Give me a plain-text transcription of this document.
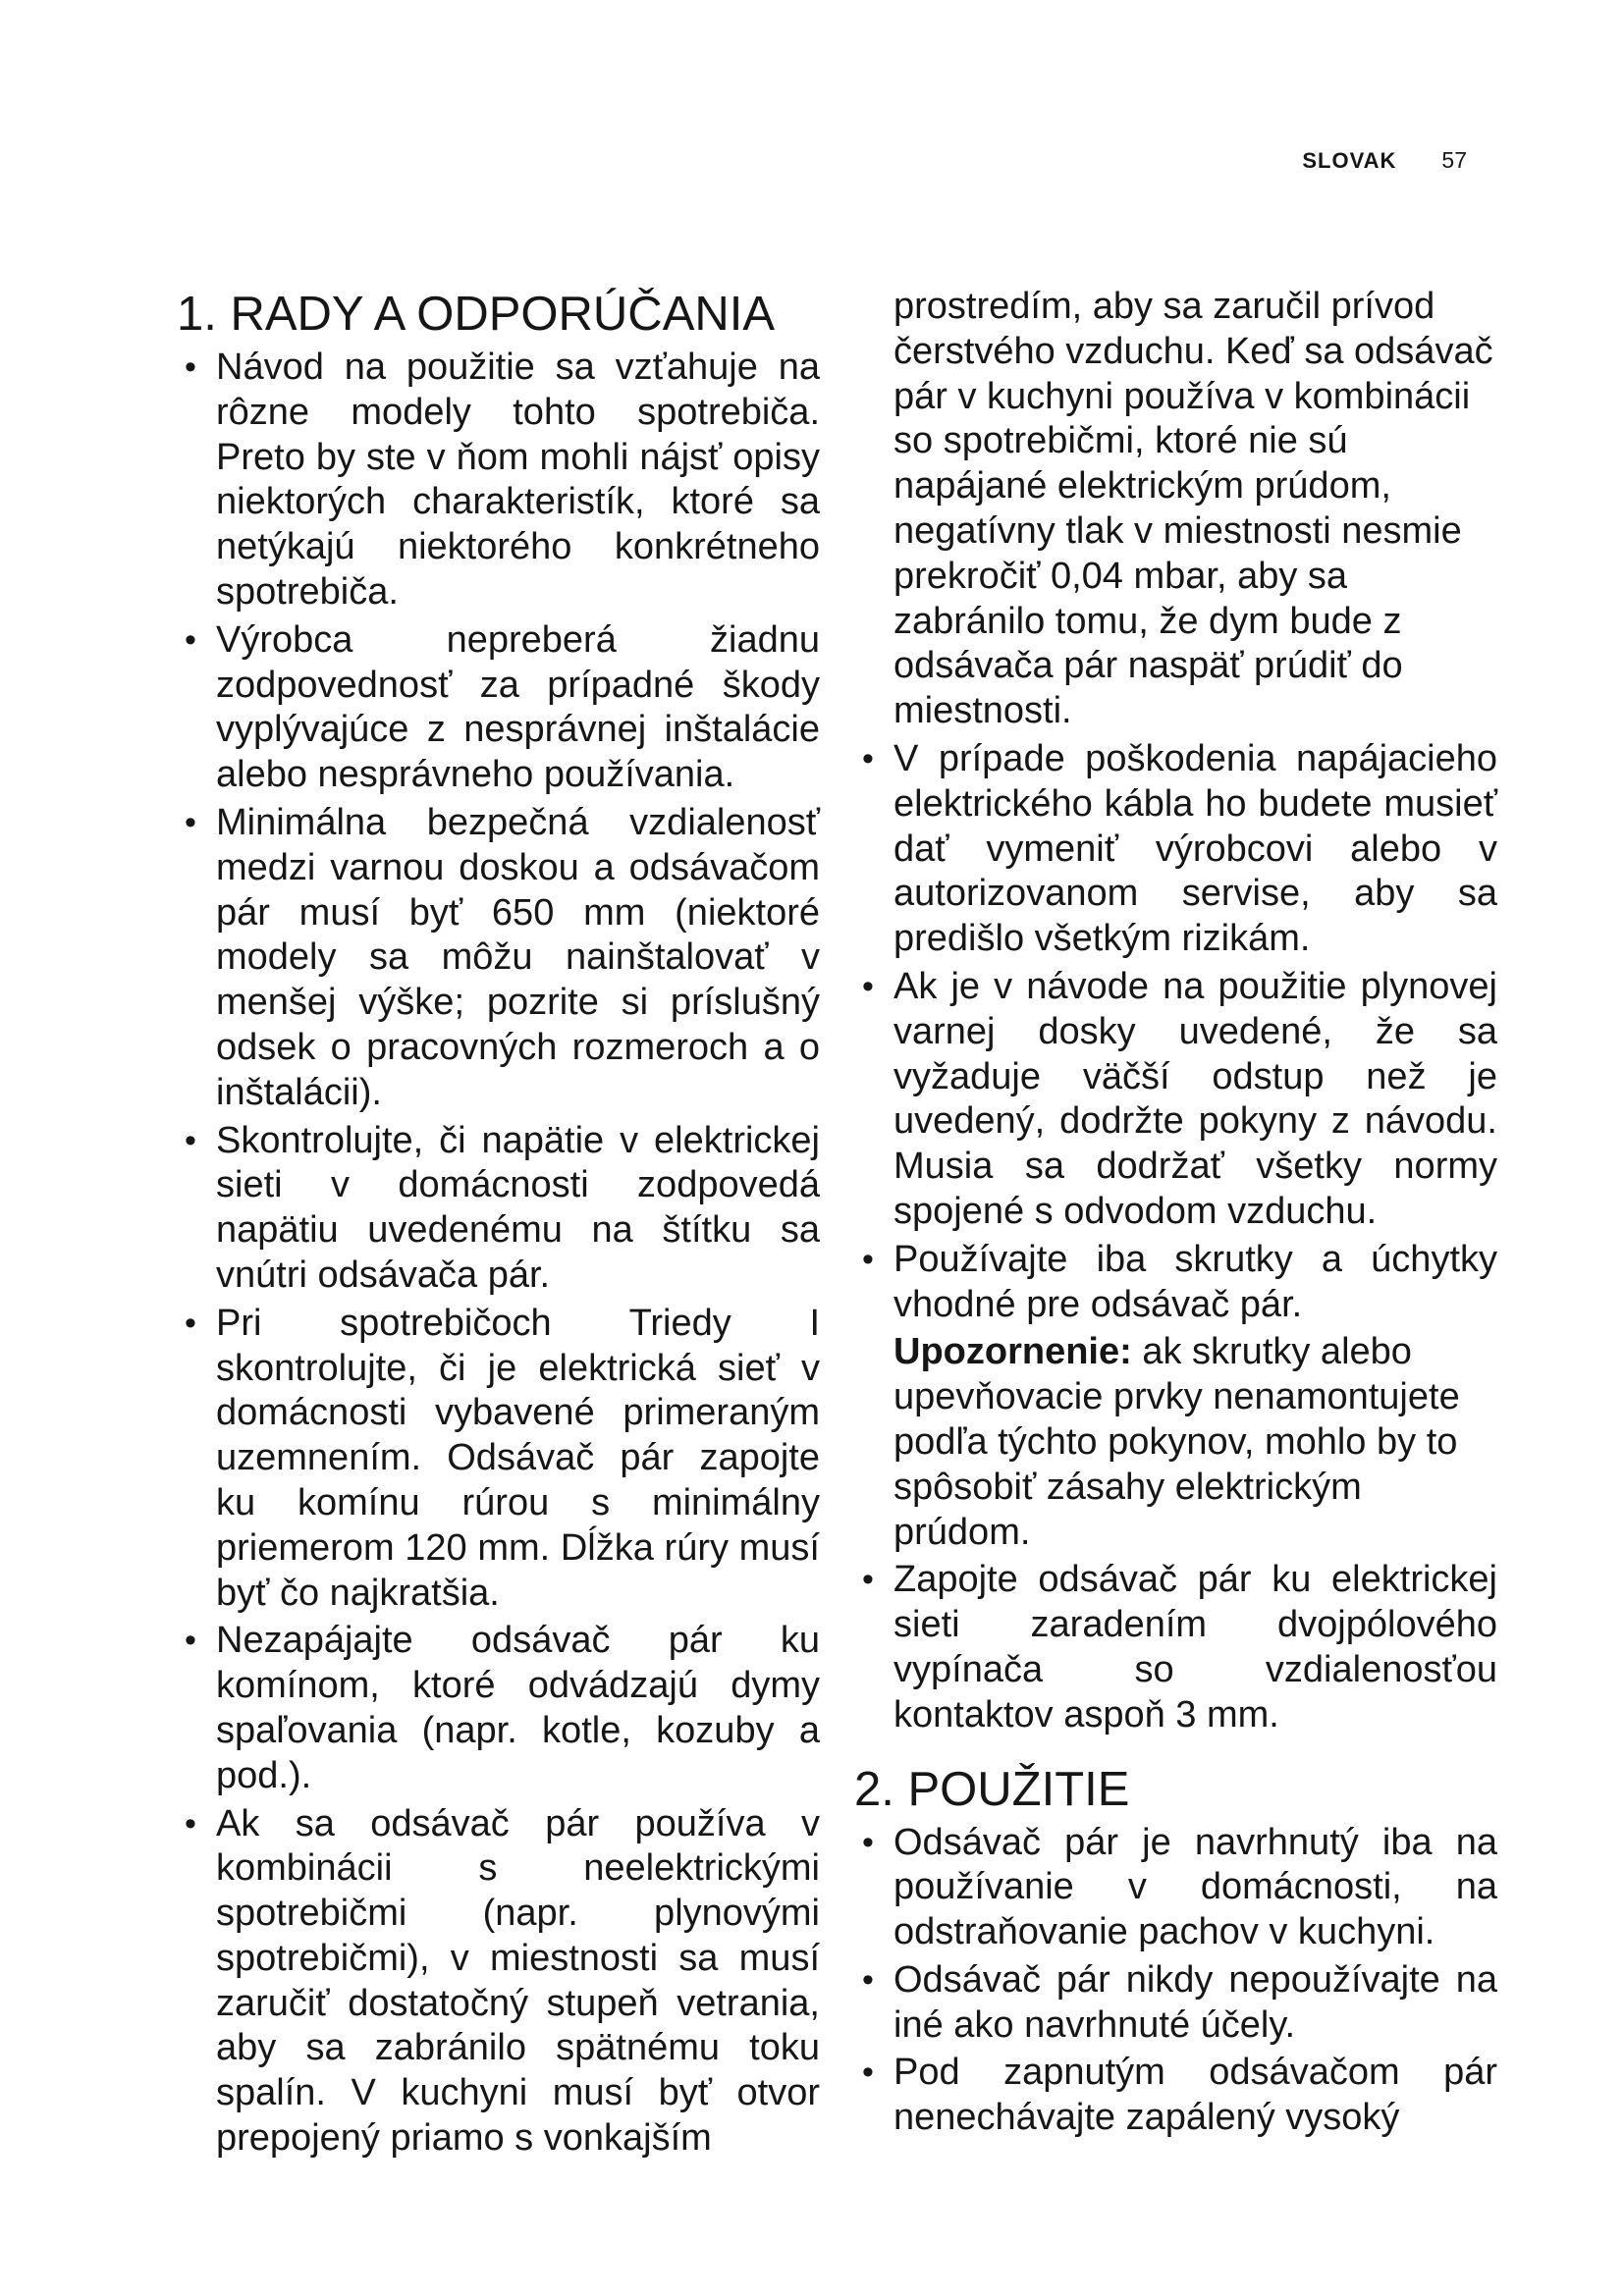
SLOVAK 57
1. RADY A ODPORÚČANIA
• Návod na použitie sa vzťahuje na rôzne modely tohto spotrebiča. Preto by ste v ňom mohli nájsť opisy niektorých charakteristík, ktoré sa netýkajú niektorého konkrétneho spotrebiča.
• Výrobca nepreberá žiadnu zodpovednosť za prípadné škody vyplývajúce z nesprávnej inštalácie alebo nesprávneho používania.
• Minimálna bezpečná vzdialenosť medzi varnou doskou a odsávačom pár musí byť 650 mm (niektoré modely sa môžu nainštalovať v menšej výške; pozrite si príslušný odsek o pracovných rozmeroch a o inštalácii).
• Skontrolujte, či napätie v elektrickej sieti v domácnosti zodpovedá napätiu uvedenému na štítku sa vnútri odsávača pár.
• Pri spotrebičoch Triedy I skontrolujte, či je elektrická sieť v domácnosti vybavené primeraným uzemnením. Odsávač pár zapojte ku komínu rúrou s minimálny priemerom 120 mm. Dĺžka rúry musí byť čo najkratšia.
• Nezapájajte odsávač pár ku komínom, ktoré odvádzajú dymy spaľovania (napr. kotle, kozuby a pod.).
• Ak sa odsávač pár používa v kombinácii s neelektrickými spotrebičmi (napr. plynovými spotrebičmi), v miestnosti sa musí zaručiť dostatočný stupeň vetrania, aby sa zabránilo spätnému toku spalín. V kuchyni musí byť otvor prepojený priamo s vonkajším
prostredím, aby sa zaručil prívod čerstvého vzduchu. Keď sa odsávač pár v kuchyni používa v kombinácii so spotrebičmi, ktoré nie sú napájané elektrickým prúdom, negatívny tlak v miestnosti nesmie prekročiť 0,04 mbar, aby sa zabránilo tomu, že dym bude z odsávača pár naspäť prúdiť do miestnosti.
• V prípade poškodenia napájacieho elektrického kábla ho budete musieť dať vymeniť výrobcovi alebo v autorizovanom servise, aby sa predišlo všetkým rizikám.
• Ak je v návode na použitie plynovej varnej dosky uvedené, že sa vyžaduje väčší odstup než je uvedený, dodržte pokyny z návodu. Musia sa dodržať všetky normy spojené s odvodom vzduchu.
• Používajte iba skrutky a úchytky vhodné pre odsávač pár.
Upozornenie: ak skrutky alebo upevňovacie prvky nenamontujete podľa týchto pokynov, mohlo by to spôsobiť zásahy elektrickým prúdom.
• Zapojte odsávač pár ku elektrickej sieti zaradením dvojpólového vypínača so vzdialenosťou kontaktov aspoň 3 mm.
2. POUŽITIE
• Odsávač pár je navrhnutý iba na používanie v domácnosti, na odstraňovanie pachov v kuchyni.
• Odsávač pár nikdy nepoužívajte na iné ako navrhnuté účely.
• Pod zapnutým odsávačom pár nenechávajte zapálený vysoký
